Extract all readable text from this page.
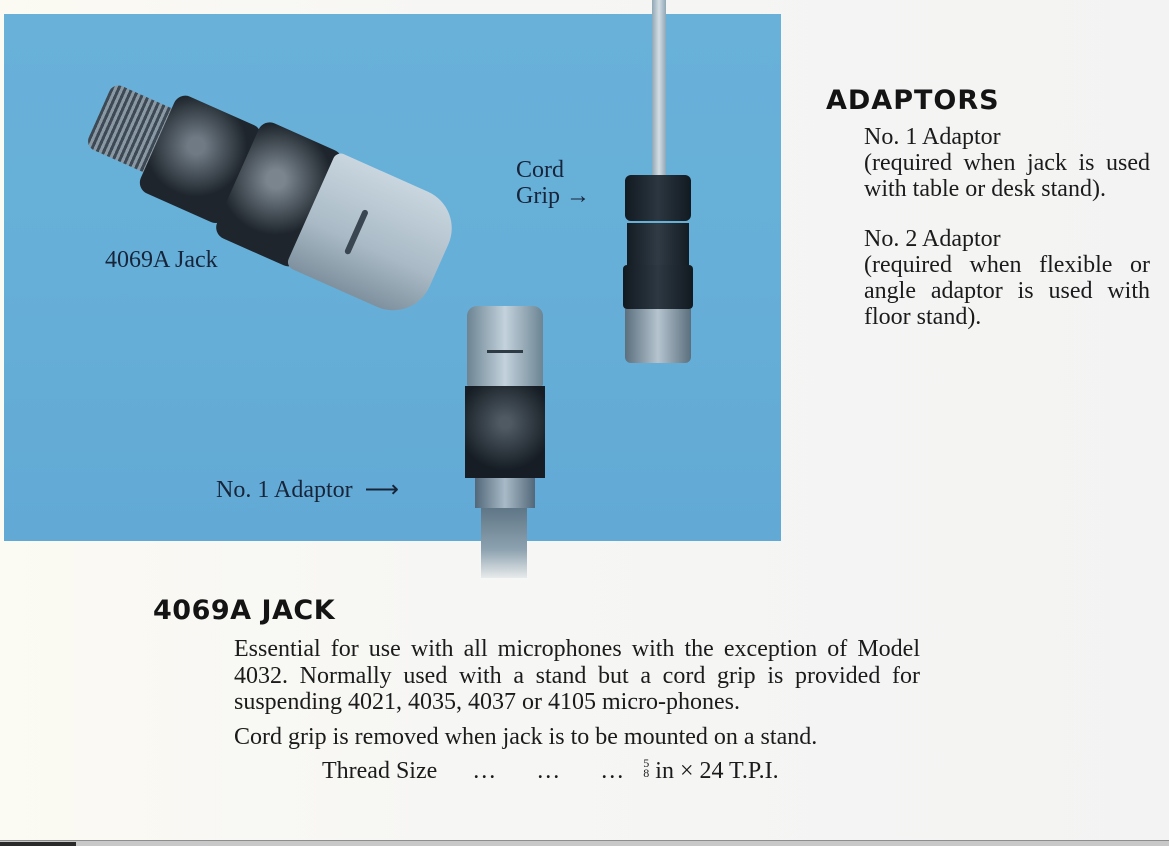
4069A Jack
Cord
Grip →
No. 1 Adaptor ⟶
ADAPTORS
No. 1 Adaptor
(required when jack is used with table or desk stand).
No. 2 Adaptor
(required when flexible or angle adaptor is used with floor stand).
4069A JACK

Essential for use with all microphones with the exception of Model 4032. Normally used with a stand but a cord grip is provided for suspending 4021, 4035, 4037 or 4105 micro-phones.

Cord grip is removed when jack is to be mounted on a stand.

Thread Size
...     ...     ...
5
8 in × 24 T.P.I.
